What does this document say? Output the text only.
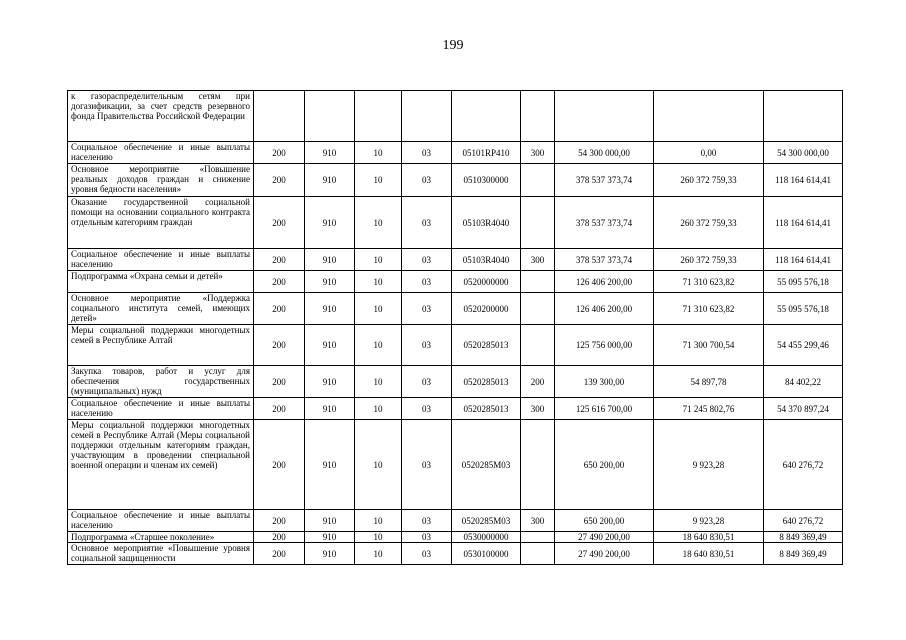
199
к газораспределительным сетям при догазификации, за счет средств резервного фонда Правительства Российской Федерации									
Социальное обеспечение и иные выплаты населению	200	910	10	03	05101RP410	300	54 300 000,00	0,00	54 300 000,00
Основное мероприятие «Повышение реальных доходов граждан и снижение уровня бедности населения»	200	910	10	03	0510300000		378 537 373,74	260 372 759,33	118 164 614,41
Оказание государственной социальной помощи на основании социального контракта отдельным категориям граждан	200	910	10	03	05103R4040		378 537 373,74	260 372 759,33	118 164 614,41
Социальное обеспечение и иные выплаты населению	200	910	10	03	05103R4040	300	378 537 373,74	260 372 759,33	118 164 614,41
Подпрограмма «Охрана семьи и детей»	200	910	10	03	0520000000		126 406 200,00	71 310 623,82	55 095 576,18
Основное мероприятие «Поддержка социального института семей, имеющих детей»	200	910	10	03	0520200000		126 406 200,00	71 310 623,82	55 095 576,18
Меры социальной поддержки многодетных семей в Республике Алтай	200	910	10	03	0520285013		125 756 000,00	71 300 700,54	54 455 299,46
Закупка товаров, работ и услуг для обеспечения государственных (муниципальных) нужд	200	910	10	03	0520285013	200	139 300,00	54 897,78	84 402,22
Социальное обеспечение и иные выплаты населению	200	910	10	03	0520285013	300	125 616 700,00	71 245 802,76	54 370 897,24
Меры социальной поддержки многодетных семей в Республике Алтай (Меры социальной поддержки отдельным категориям граждан, участвующим в проведении специальной военной операции и членам их семей)	200	910	10	03	0520285M03		650 200,00	9 923,28	640 276,72
Социальное обеспечение и иные выплаты населению	200	910	10	03	0520285M03	300	650 200,00	9 923,28	640 276,72
Подпрограмма «Старшее поколение»	200	910	10	03	0530000000		27 490 200,00	18 640 830,51	8 849 369,49
Основное мероприятие «Повышение уровня социальной защищенности	200	910	10	03	0530100000		27 490 200,00	18 640 830,51	8 849 369,49
